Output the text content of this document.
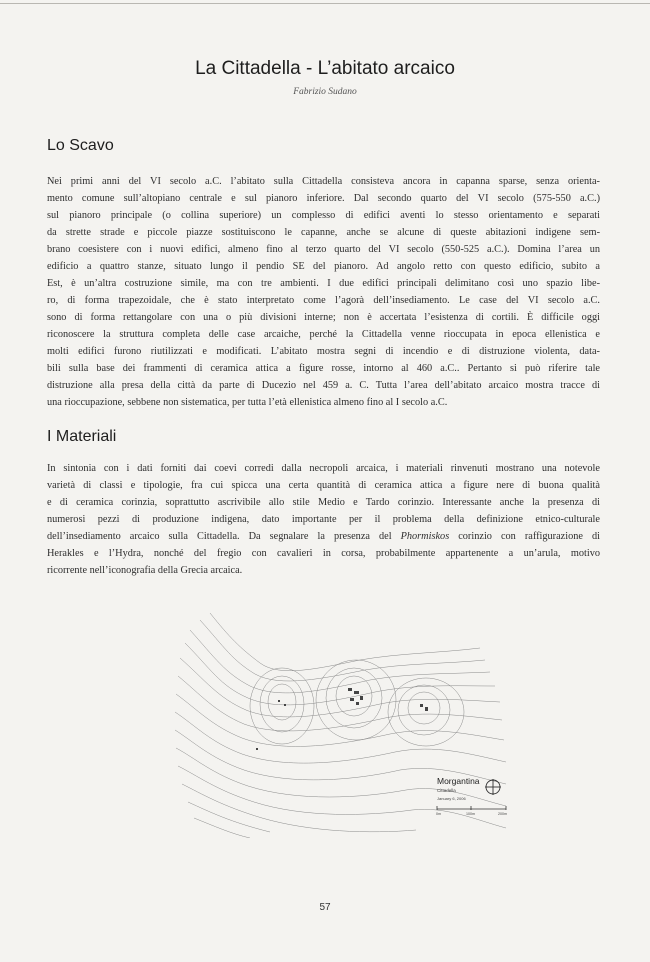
La Cittadella - L’abitato arcaico
Fabrizio Sudano
Lo Scavo
Nei primi anni del VI secolo a.C. l’abitato sulla Cittadella consisteva ancora in capanna sparse, senza orienta-
mento comune sull’altopiano centrale e sul pianoro inferiore. Dal secondo quarto del VI secolo (575-550 a.C.)
sul pianoro principale (o collina superiore) un complesso di edifici aventi lo stesso orientamento e separati
da strette strade e piccole piazze sostituiscono le capanne, anche se alcune di queste abitazioni indigene sem-
brano coesistere con i nuovi edifici, almeno fino al terzo quarto del VI secolo (550-525 a.C.). Domina l’area un
edificio a quattro stanze, situato lungo il pendio SE del pianoro. Ad angolo retto con questo edificio, subito a
Est, è un’altra costruzione simile, ma con tre ambienti. I due edifici principali delimitano così uno spazio libe-
ro, di forma trapezoidale, che è stato interpretato come l’agorà dell’insediamento. Le case del VI secolo a.C.
sono di forma rettangolare con una o più divisioni interne; non è accertata l’esistenza di cortili. È difficile oggi
riconoscere la struttura completa delle case arcaiche, perché la Cittadella venne rioccupata in epoca ellenistica e
molti edifici furono riutilizzati e modificati. L’abitato mostra segni di incendio e di distruzione violenta, data-
bili sulla base dei frammenti di ceramica attica a figure rosse, intorno al 460 a.C.. Pertanto si può riferire tale
distruzione alla presa della città da parte di Ducezio nel 459 a. C. Tutta l’area dell’abitato arcaico mostra tracce di
una rioccupazione, sebbene non sistematica, per tutta l’età ellenistica almeno fino al I secolo a.C.
I Materiali
In sintonia con i dati forniti dai coevi corredi dalla necropoli arcaica, i materiali rinvenuti mostrano una notevole
varietà di classi e tipologie, fra cui spicca una certa quantità di ceramica attica a figure nere di buona qualità
e di ceramica corinzia, soprattutto ascrivibile allo stile Medio e Tardo corinzio. Interessante anche la presenza di
numerosi pezzi di produzione indigena, dato importante per il problema della definizione etnico-culturale
dell’insediamento arcaico sulla Cittadella. Da segnalare la presenza del Phormiskos corinzio con raffigurazione di
Herakles e l’Hydra, nonché del fregio con cavalieri in corsa, probabilmente appartenente a un’arula, motivo
ricorrente nell’iconografia della Grecia arcaica.
Morgantina
Cittadella
January 6, 2006
0m	100m	200m
57
